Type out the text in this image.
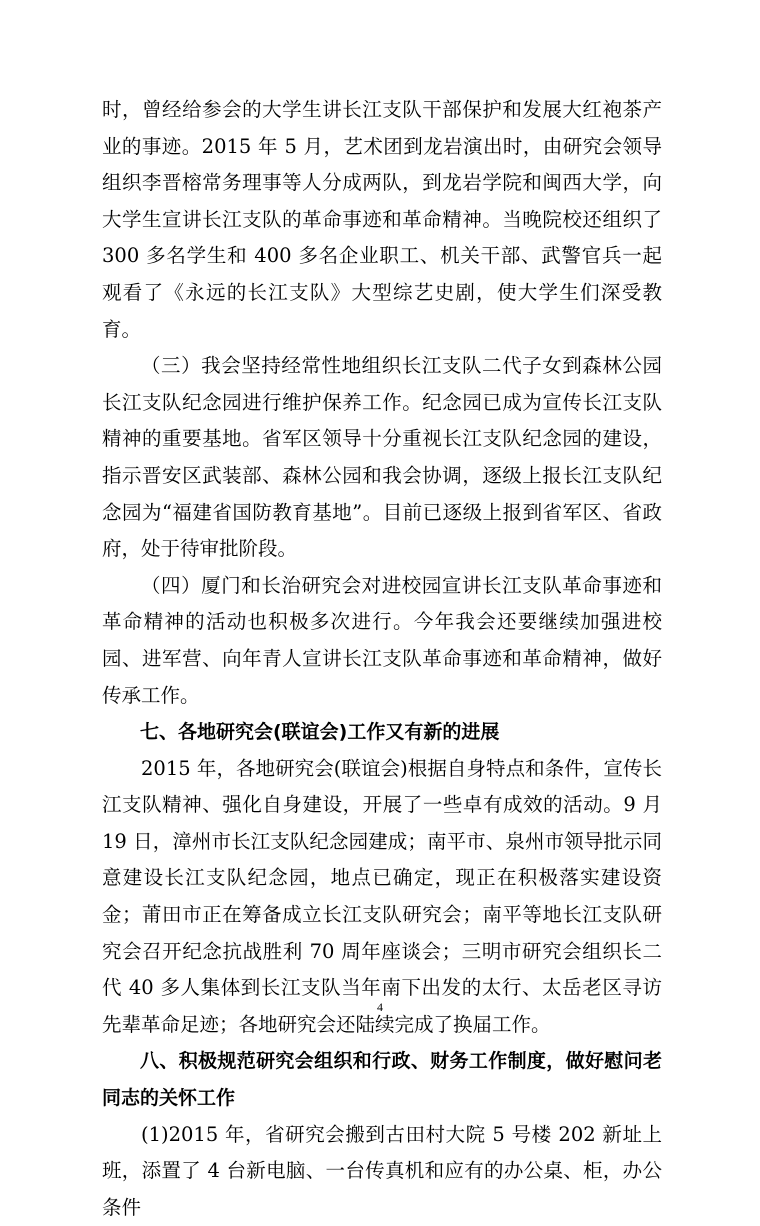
时，曾经给参会的大学生讲长江支队干部保护和发展大红袍茶产业的事迹。2015 年 5 月，艺术团到龙岩演出时，由研究会领导组织李晋榕常务理事等人分成两队，到龙岩学院和闽西大学，向大学生宣讲长江支队的革命事迹和革命精神。当晚院校还组织了 300 多名学生和 400 多名企业职工、机关干部、武警官兵一起观看了《永远的长江支队》大型综艺史剧，使大学生们深受教育。

（三）我会坚持经常性地组织长江支队二代子女到森林公园长江支队纪念园进行维护保养工作。纪念园已成为宣传长江支队精神的重要基地。省军区领导十分重视长江支队纪念园的建设，指示晋安区武装部、森林公园和我会协调，逐级上报长江支队纪念园为“福建省国防教育基地”。目前已逐级上报到省军区、省政府，处于待审批阶段。

（四）厦门和长治研究会对进校园宣讲长江支队革命事迹和革命精神的活动也积极多次进行。今年我会还要继续加强进校园、进军营、向年青人宣讲长江支队革命事迹和革命精神，做好传承工作。

七、各地研究会(联谊会)工作又有新的进展

2015 年，各地研究会(联谊会)根据自身特点和条件，宣传长江支队精神、强化自身建设，开展了一些卓有成效的活动。9 月 19 日，漳州市长江支队纪念园建成；南平市、泉州市领导批示同意建设长江支队纪念园，地点已确定，现正在积极落实建设资金；莆田市正在筹备成立长江支队研究会；南平等地长江支队研究会召开纪念抗战胜利 70 周年座谈会；三明市研究会组织长二代 40 多人集体到长江支队当年南下出发的太行、太岳老区寻访先辈革命足迹；各地研究会还陆续完成了换届工作。

八、积极规范研究会组织和行政、财务工作制度，做好慰问老同志的关怀工作

(1)2015 年，省研究会搬到古田村大院 5 号楼 202 新址上班，添置了 4 台新电脑、一台传真机和应有的办公桌、柜，办公条件

4
